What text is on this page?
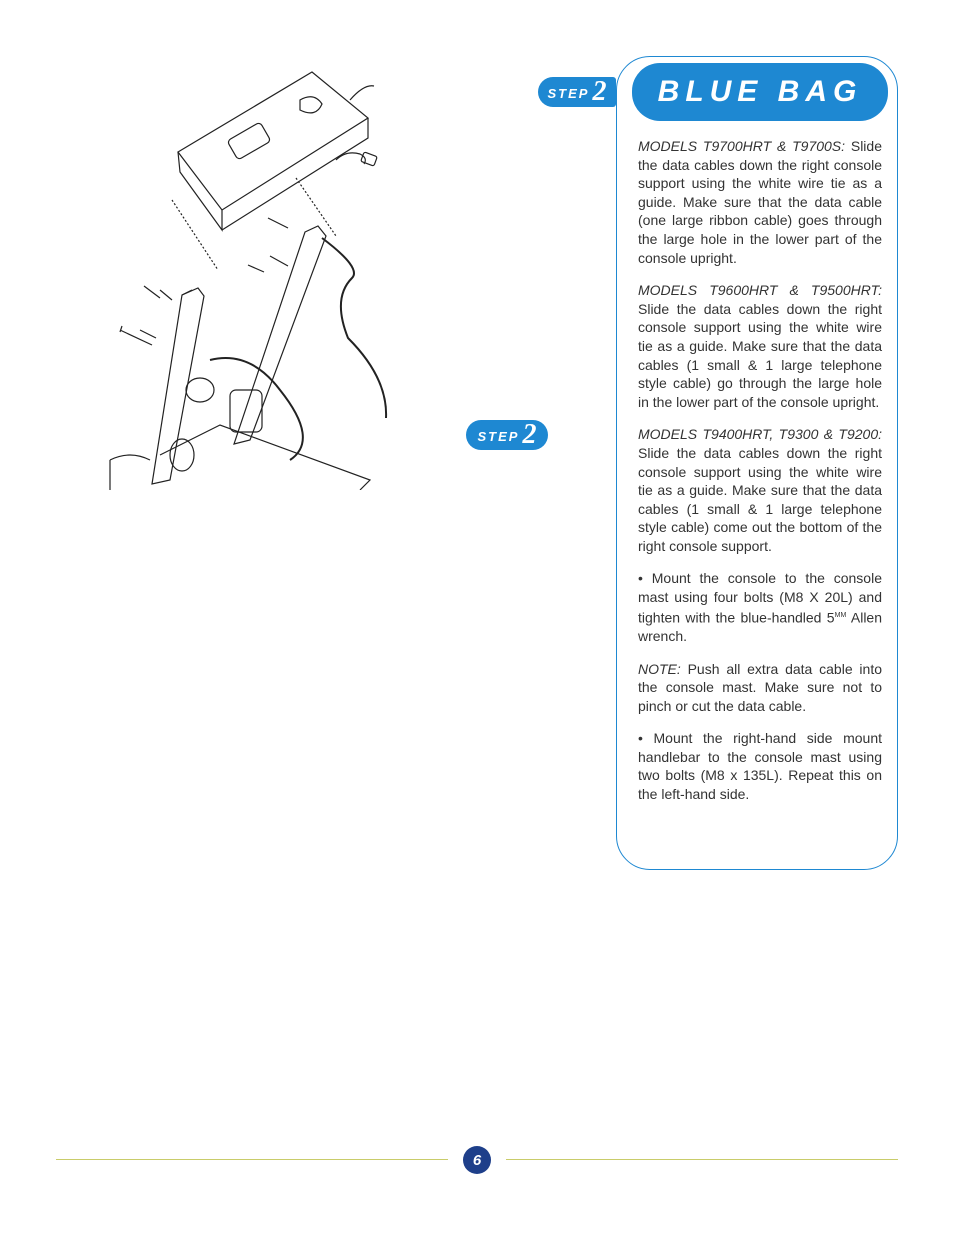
STEP 2
STEP 2
BLUE BAG

MODELS T9700HRT & T9700S: Slide the data cables down the right console support using the white wire tie as a guide. Make sure that the data cable (one large ribbon cable) goes through the large hole in the lower part of the console upright.

MODELS T9600HRT & T9500HRT: Slide the data cables down the right console support using the white wire tie as a guide. Make sure that the data cables (1 small & 1 large telephone style cable) go through the large hole in the lower part of the console upright.

MODELS T9400HRT, T9300 & T9200: Slide the data cables down the right console support using the white wire tie as a guide. Make sure that the data cables (1 small & 1 large telephone style cable) come out the bottom of the right console support.

• Mount the console to the console mast using four bolts (M8 X 20L) and tighten with the blue-handled $5^{MM}$ Allen wrench.

NOTE: Push all extra data cable into the console mast. Make sure not to pinch or cut the data cable.

• Mount the right-hand side mount handlebar to the console mast using two bolts (M8 x 135L). Repeat this on the left-hand side.

6
